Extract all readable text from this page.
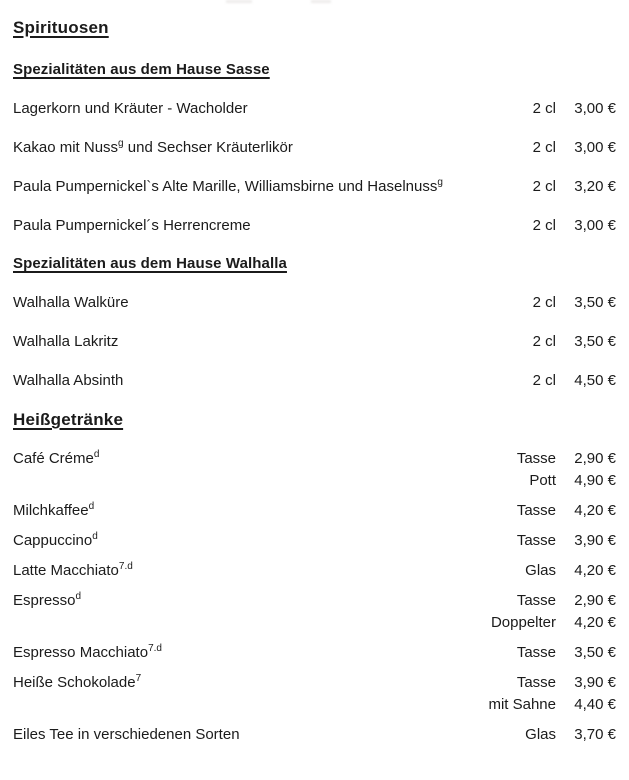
Spirituosen
Spezialitäten aus dem Hause Sasse
Lagerkorn und Kräuter - Wacholder	2 cl	3,00 €
Kakao mit Nuss$^g$ und Sechser Kräuterlikör	2 cl	3,00 €
Paula Pumpernickel`s Alte Marille, Williamsbirne und Haselnuss$^g$	2 cl	3,20 €
Paula Pumpernickel´s Herrencreme	2 cl	3,00 €
Spezialitäten aus dem Hause Walhalla
Walhalla Walküre	2 cl	3,50 €
Walhalla Lakritz	2 cl	3,50 €
Walhalla Absinth	2 cl	4,50 €
Heißgetränke
Café Créme$^d$	Tasse	2,90 €
Pott	4,90 €
Milchkaffee$^d$	Tasse	4,20 €
Cappuccino$^d$	Tasse	3,90 €
Latte Macchiato$^{7.d}$	Glas	4,20 €
Espresso$^d$	Tasse	2,90 €
Doppelter	4,20 €
Espresso Macchiato$^{7.d}$	Tasse	3,50 €
Heiße Schokolade$^7$	Tasse	3,90 €
mit Sahne	4,40 €
Eiles Tee in verschiedenen Sorten	Glas	3,70 €
